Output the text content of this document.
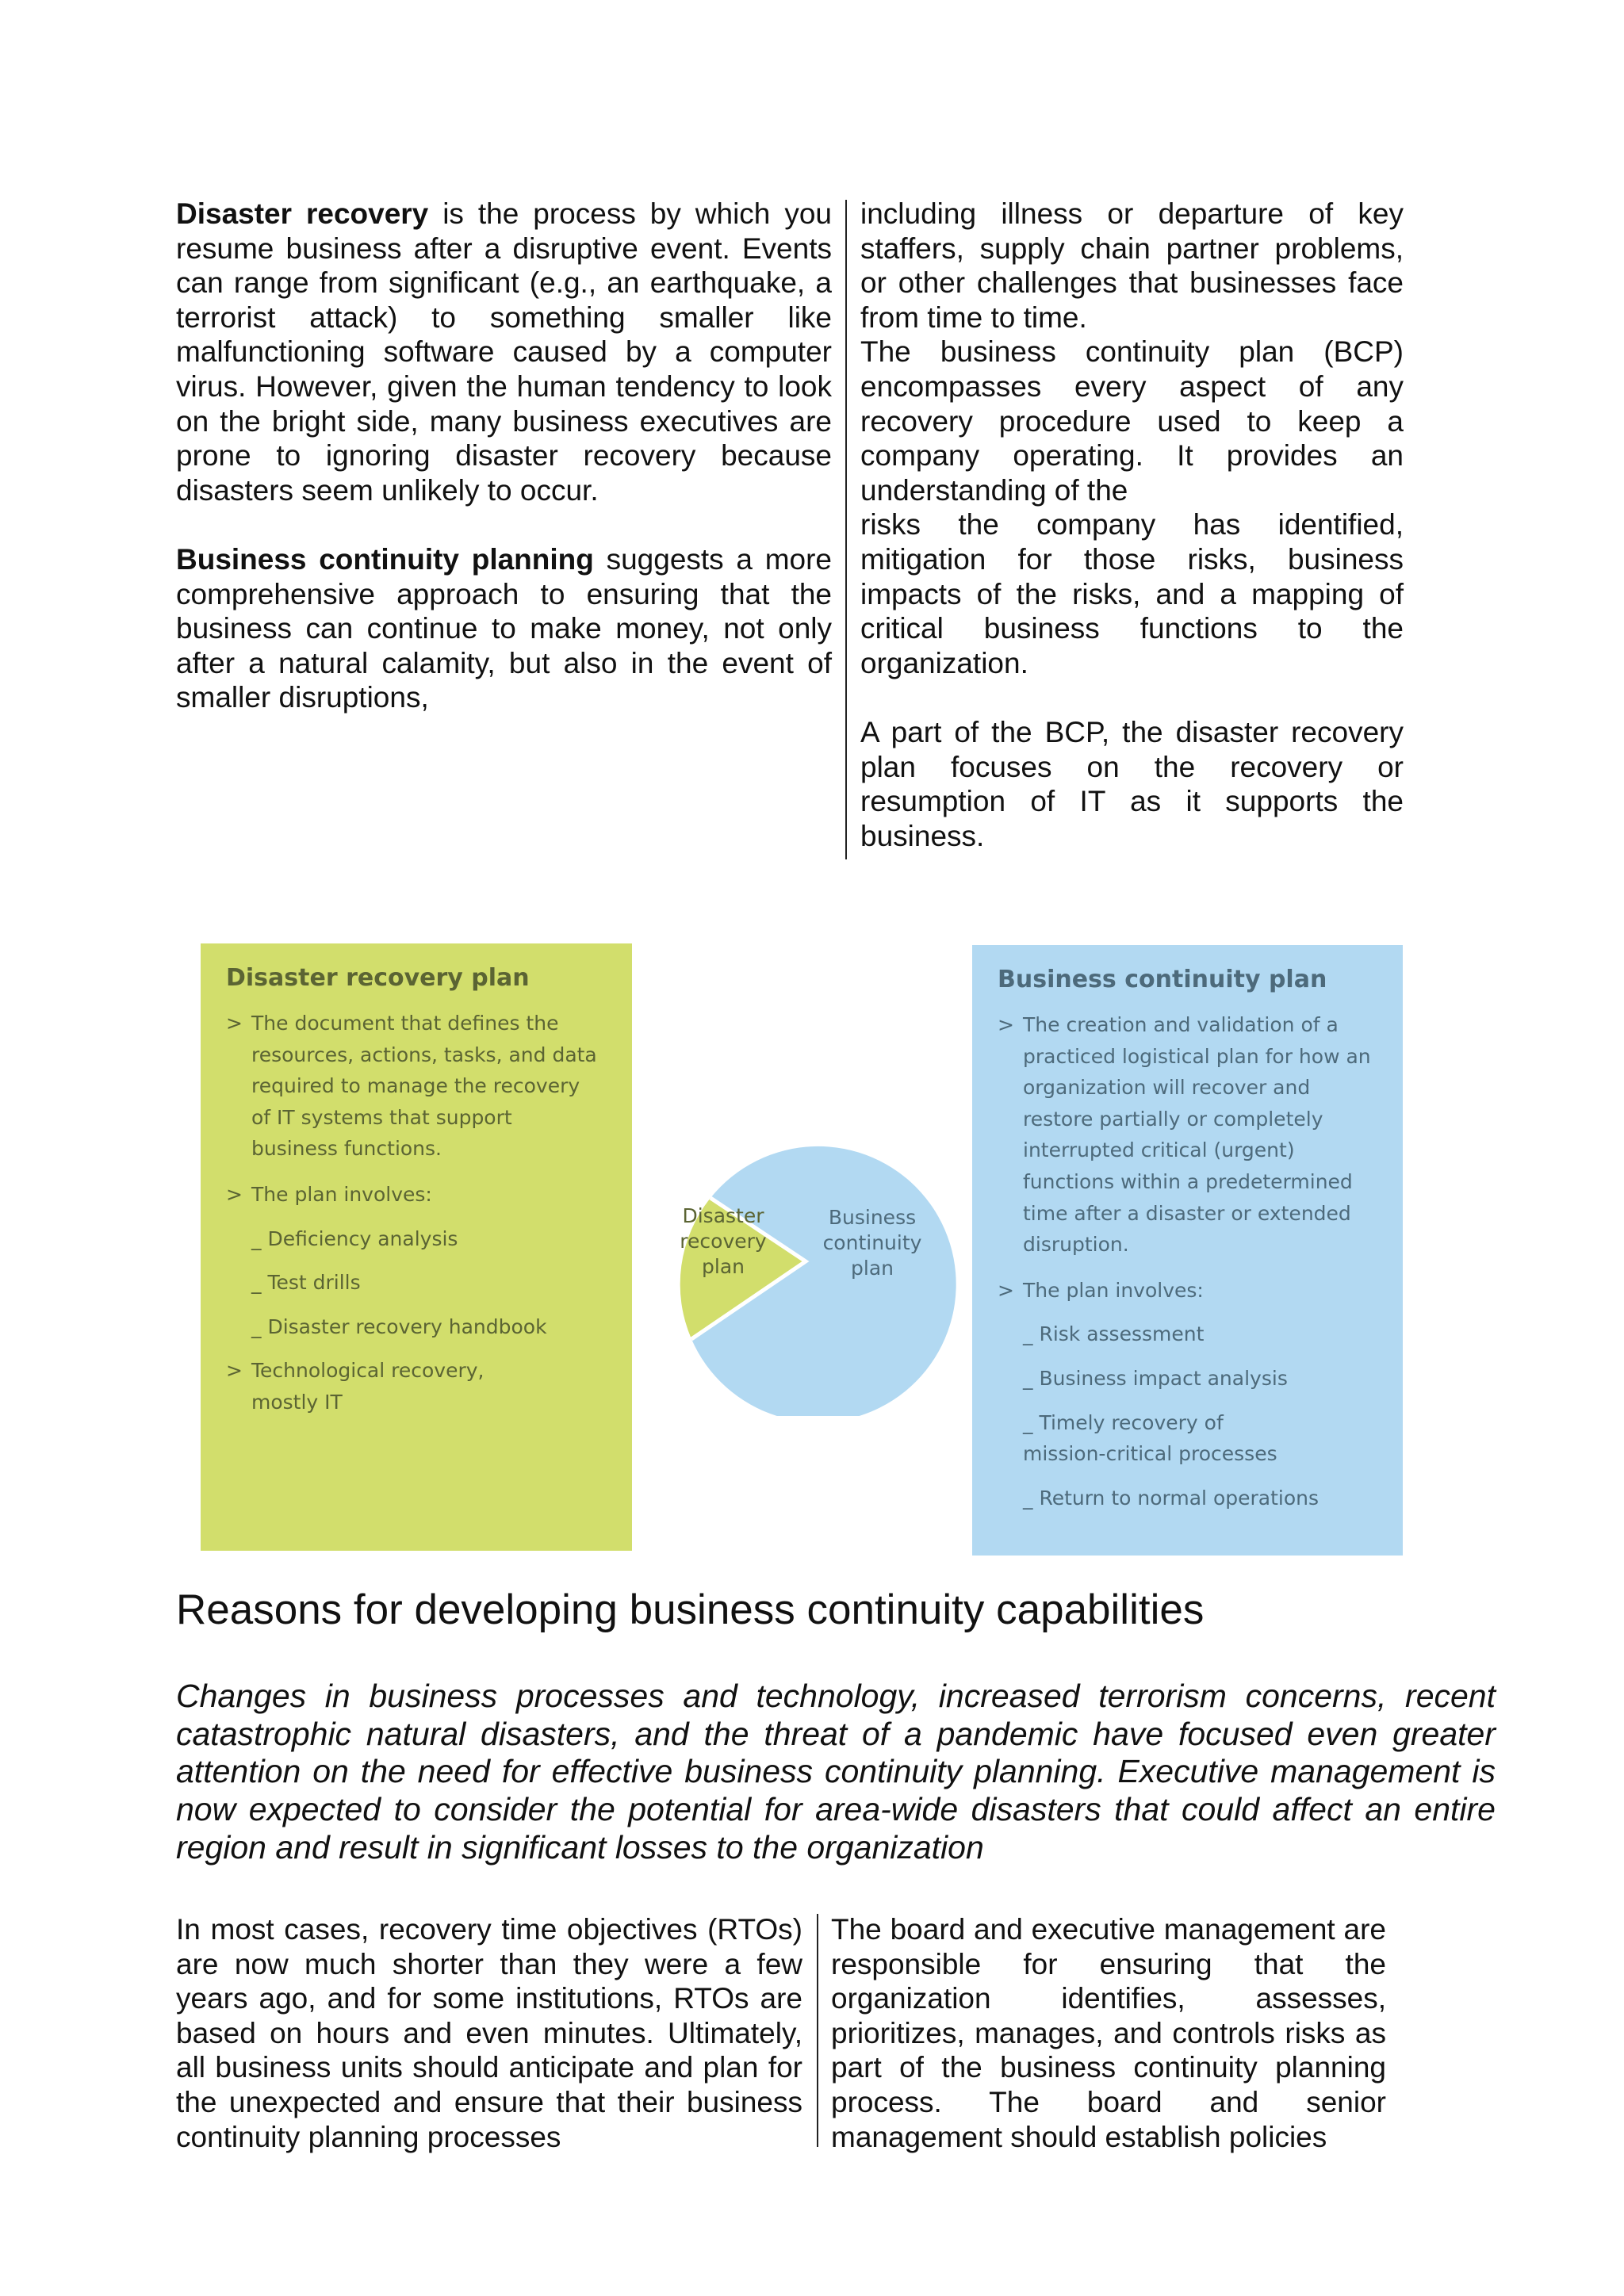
Disaster recovery is the process by which you resume business after a disruptive event. Events can range from significant (e.g., an earthquake, a terrorist attack) to something smaller like malfunctioning software caused by a computer virus. However, given the human tendency to look on the bright side, many business executives are prone to ignoring disaster recovery because disasters seem unlikely to occur.

Business continuity planning suggests a more comprehensive approach to ensuring that the business can continue to make money, not only after a natural calamity, but also in the event of smaller disruptions,

including illness or departure of key staffers, supply chain partner problems, or other challenges that businesses face from time to time.

The business continuity plan (BCP) encompasses every aspect of any recovery procedure used to keep a company operating. It provides an understanding of the

risks the company has identified, mitigation for those risks, business impacts of the risks, and a mapping of critical business functions to the organization.

A part of the BCP, the disaster recovery plan focuses on the recovery or resumption of IT as it supports the business.

Disaster recovery plan
> The document that defines the resources, actions, tasks, and data required to manage the recovery of IT systems that support business functions.
> The plan involves:
_ Deficiency analysis
_ Test drills
_ Disaster recovery handbook
> Technological recovery, mostly IT
Disaster
recovery
plan
Business
continuity
plan
Business continuity plan
> The creation and validation of a practiced logistical plan for how an organization will recover and restore partially or completely interrupted critical (urgent) functions within a predetermined time after a disaster or extended disruption.
> The plan involves:
_ Risk assessment
_ Business impact analysis
_ Timely recovery of mission-critical processes
_ Return to normal operations
Reasons for developing business continuity capabilities

Changes in business processes and technology, increased terrorism concerns, recent catastrophic natural disasters, and the threat of a pandemic have focused even greater attention on the need for effective business continuity planning. Executive management is now expected to consider the potential for area-wide disasters that could affect an entire region and result in significant losses to the organization

In most cases, recovery time objectives (RTOs) are now much shorter than they were a few years ago, and for some institutions, RTOs are based on hours and even minutes. Ultimately, all business units should anticipate and plan for the unexpected and ensure that their business continuity planning processes

The board and executive management are responsible for ensuring that the organization identifies, assesses, prioritizes, manages, and controls risks as part of the business continuity planning process. The board and senior management should establish policies
